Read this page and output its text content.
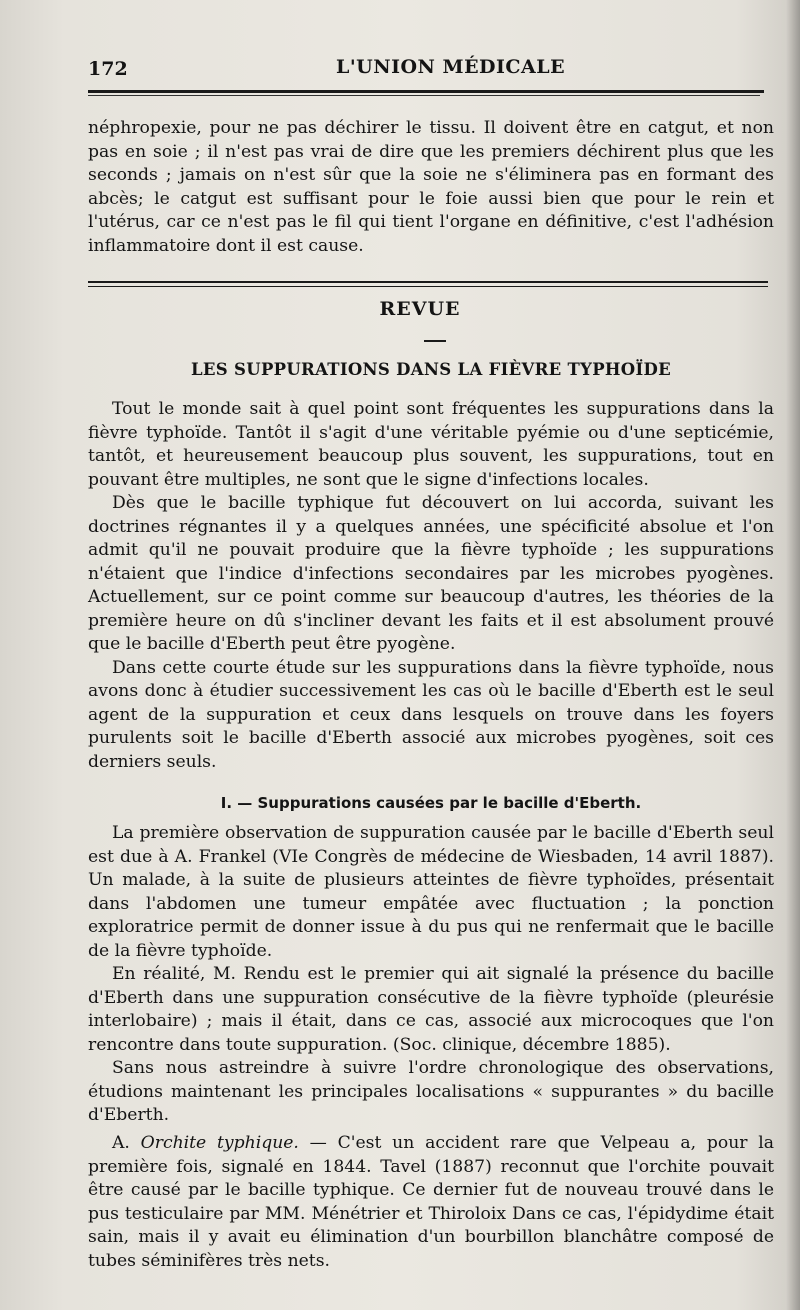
172	L'UNION MÉDICALE

néphropexie, pour ne pas déchirer le tissu. Il doivent être en catgut, et non pas en soie ; il n'est pas vrai de dire que les premiers déchirent plus que les seconds ; jamais on n'est sûr que la soie ne s'éliminera pas en formant des abcès; le catgut est suffisant pour le foie aussi bien que pour le rein et l'utérus, car ce n'est pas le fil qui tient l'organe en définitive, c'est l'adhésion inflammatoire dont il est cause.

REVUE
LES SUPPURATIONS DANS LA FIÈVRE TYPHOÏDE

Tout le monde sait à quel point sont fréquentes les suppurations dans la fièvre typhoïde. Tantôt il s'agit d'une véritable pyémie ou d'une septicémie, tantôt, et heureusement beaucoup plus souvent, les suppurations, tout en pouvant être multiples, ne sont que le signe d'infections locales.

Dès que le bacille typhique fut découvert on lui accorda, suivant les doctrines régnantes il y a quelques années, une spécificité absolue et l'on admit qu'il ne pouvait produire que la fièvre typhoïde ; les suppurations n'étaient que l'indice d'infections secondaires par les microbes pyogènes. Actuellement, sur ce point comme sur beaucoup d'autres, les théories de la première heure on dû s'incliner devant les faits et il est absolument prouvé que le bacille d'Eberth peut être pyogène.

Dans cette courte étude sur les suppurations dans la fièvre typhoïde, nous avons donc à étudier successivement les cas où le bacille d'Eberth est le seul agent de la suppuration et ceux dans lesquels on trouve dans les foyers purulents soit le bacille d'Eberth associé aux microbes pyogènes, soit ces derniers seuls.

I. — Suppurations causées par le bacille d'Eberth.

La première observation de suppuration causée par le bacille d'Eberth seul est due à A. Frankel (VIe Congrès de médecine de Wiesbaden, 14 avril 1887). Un malade, à la suite de plusieurs atteintes de fièvre typhoïdes, présentait dans l'abdomen une tumeur empâtée avec fluctuation ; la ponction exploratrice permit de donner issue à du pus qui ne renfermait que le bacille de la fièvre typhoïde.

En réalité, M. Rendu est le premier qui ait signalé la présence du bacille d'Eberth dans une suppuration consécutive de la fièvre typhoïde (pleurésie interlobaire) ; mais il était, dans ce cas, associé aux microcoques que l'on rencontre dans toute suppuration. (Soc. clinique, décembre 1885).

Sans nous astreindre à suivre l'ordre chronologique des observations, étudions maintenant les principales localisations « suppurantes » du bacille d'Eberth.

A. Orchite typhique. — C'est un accident rare que Velpeau a, pour la première fois, signalé en 1844. Tavel (1887) reconnut que l'orchite pouvait être causé par le bacille typhique. Ce dernier fut de nouveau trouvé dans le pus testiculaire par MM. Ménétrier et Thiroloix Dans ce cas, l'épidydime était sain, mais il y avait eu élimination d'un bourbillon blanchâtre composé de tubes séminifères très nets.
